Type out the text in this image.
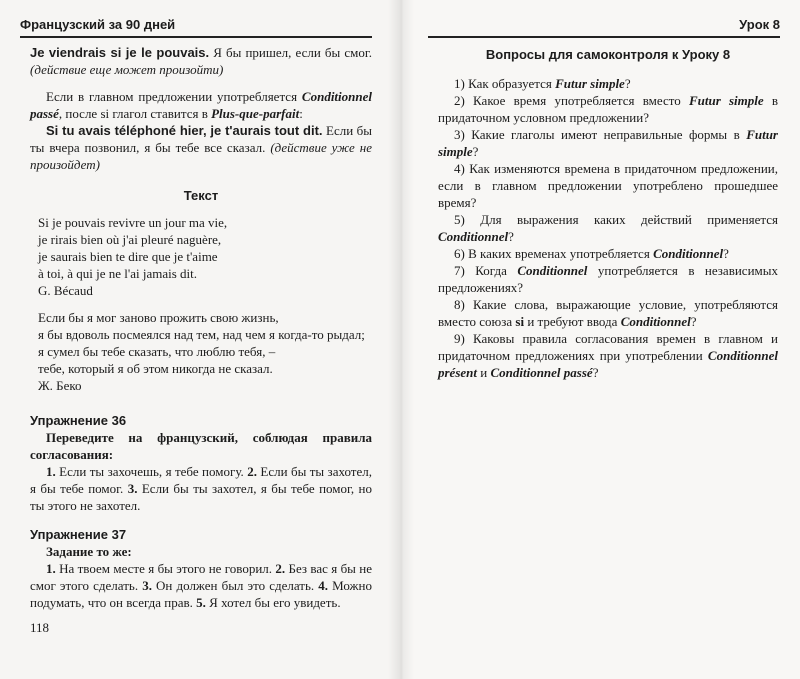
Французский за 90 дней	Урок 8

Je viendrais si je le pouvais. Я бы пришел, если бы смог. (действие еще может произойти)

Если в главном предложении употребляется Conditionnel passé, после si глагол ставится в Plus-que-parfait:

Si tu avais téléphoné hier, je t'aurais tout dit. Если бы ты вчера позвонил, я бы тебе все сказал. (действие уже не произойдет)

Текст

Si je pouvais revivre un jour ma vie,

je rirais bien où j'ai pleuré naguère,

je saurais bien te dire que je t'aime

à toi, à qui je ne l'ai jamais dit.

G. Bécaud

Если бы я мог заново прожить свою жизнь,

я бы вдоволь посмеялся над тем, над чем я когда-то рыдал;

я сумел бы тебе сказать, что люблю тебя, –

тебе, который я об этом никогда не сказал.

Ж. Беко

Упражнение 36

Переведите на французский, соблюдая правила согласования:

1. Если ты захочешь, я тебе помогу. 2. Если бы ты захотел, я бы тебе помог. 3. Если бы ты захотел, я бы тебе помог, но ты этого не захотел.

Упражнение 37

Задание то же:

1. На твоем месте я бы этого не говорил. 2. Без вас я бы не смог этого сделать. 3. Он должен был это сделать. 4. Можно подумать, что он всегда прав. 5. Я хотел бы его увидеть.

118

Вопросы для самоконтроля к Уроку 8

1) Как образуется Futur simple?

2) Какое время употребляется вместо Futur simple в придаточном условном предложении?

3) Какие глаголы имеют неправильные формы в Futur simple?

4) Как изменяются времена в придаточном предложении, если в главном предложении употреблено прошедшее время?

5) Для выражения каких действий применяется Conditionnel?

6) В каких временах употребляется Conditionnel?

7) Когда Conditionnel употребляется в независимых предложениях?

8) Какие слова, выражающие условие, употребляются вместо союза si и требуют ввода Conditionnel?

9) Каковы правила согласования времен в главном и придаточном предложениях при употреблении Conditionnel présent и Conditionnel passé?
